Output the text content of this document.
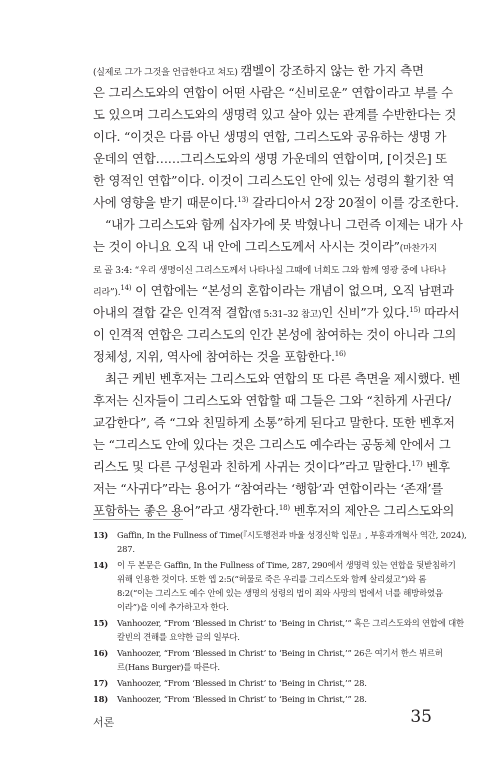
(실제로 그가 그것을 언급한다고 쳐도) 캠벨이 강조하지 않는 한 가지 측면
은 그리스도와의 연합이 어떤 사람은 “신비로운” 연합이라고 부를 수
도 있으며 그리스도와의 생명력 있고 살아 있는 관계를 수반한다는 것
이다. “이것은 다름 아닌 생명의 연합, 그리스도와 공유하는 생명 가
운데의 연합……그리스도와의 생명 가운데의 연합이며, [이것은] 또
한 영적인 연합”이다. 이것이 그리스도인 안에 있는 성령의 활기찬 역
사에 영향을 받기 때문이다.$^{13)}$ 갈라디아서 2장 20절이 이를 강조한다.
“내가 그리스도와 함께 십자가에 못 박혔나니 그런즉 이제는 내가 사
는 것이 아니요 오직 내 안에 그리스도께서 사시는 것이라”(마찬가지
로 골 3:4: “우리 생명이신 그리스도께서 나타나실 그때에 너희도 그와 함께 영광 중에 나타나
리라”).$^{14)}$ 이 연합에는 “본성의 혼합이라는 개념이 없으며, 오직 남편과
아내의 결합 같은 인격적 결합(엡 5:31–32 참고)인 신비”가 있다.$^{15)}$ 따라서
이 인격적 연합은 그리스도의 인간 본성에 참여하는 것이 아니라 그의
정체성, 지위, 역사에 참여하는 것을 포함한다.$^{16)}$
최근 케빈 벤후저는 그리스도와 연합의 또 다른 측면을 제시했다. 벤
후저는 신자들이 그리스도와 연합할 때 그들은 그와 “친하게 사귄다/
교감한다”, 즉 “그와 친밀하게 소통”하게 된다고 말한다. 또한 벤후저
는 “그리스도 안에 있다는 것은 그리스도 예수라는 공동체 안에서 그
리스도 및 다른 구성원과 친하게 사귀는 것이다”라고 말한다.$^{17)}$ 벤후
저는 “사귀다”라는 용어가 “참여라는 ‘행함’과 연합이라는 ‘존재’를
포함하는 좋은 용어”라고 생각한다.$^{18)}$ 벤후저의 제안은 그리스도와의
13)	Gaffin, In the Fullness of Time(『시도행전과 바울 성경신학 입문』, 부흥과개혁사 역간, 2024),
287.
14)	이 두 본문은 Gaffin, In the Fullness of Time, 287, 290에서 생명력 있는 연합을 뒷받침하기
위해 인용한 것이다. 또한 엡 2:5(“허물로 죽은 우리를 그리스도와 함께 살리셨고”)와 롬
8:2(“이는 그리스도 예수 안에 있는 생명의 성령의 법이 죄와 사망의 법에서 너를 해방하였음
이라”)을 이에 추가하고자 한다.
15)	Vanhoozer, “From ‘Blessed in Christ’ to ‘Being in Christ,’” 혹은 그리스도와의 연합에 대한
칼빈의 견해를 요약한 글의 일부다.
16)	Vanhoozer, “From ‘Blessed in Christ’ to ‘Being in Christ,’” 26은 여기서 한스 뷔르허
르(Hans Burger)를 따른다.
17)	Vanhoozer, “From ‘Blessed in Christ’ to ‘Being in Christ,’” 28.
18)	Vanhoozer, “From ‘Blessed in Christ’ to ‘Being in Christ,’” 28.
서론	35
